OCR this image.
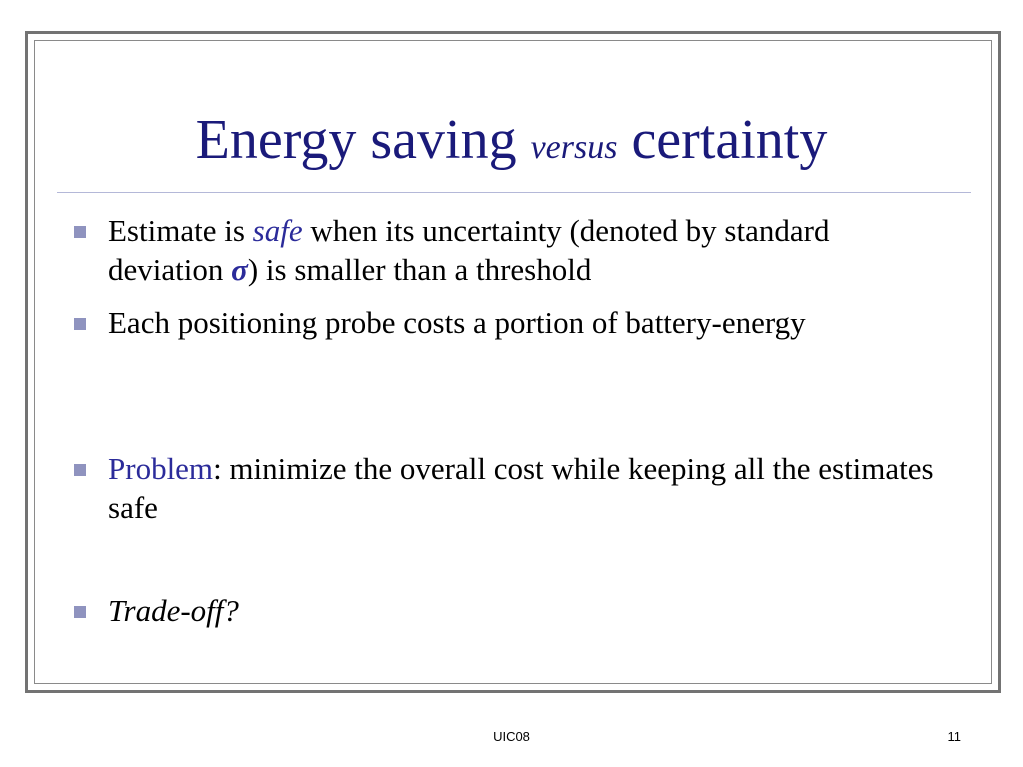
Energy saving versus certainty
Estimate is safe when its uncertainty (denoted by standard deviation σ) is smaller than a threshold
Each positioning probe costs a portion of battery-energy
Problem: minimize the overall cost while keeping all the estimates safe
Trade-off?
UIC08	11
